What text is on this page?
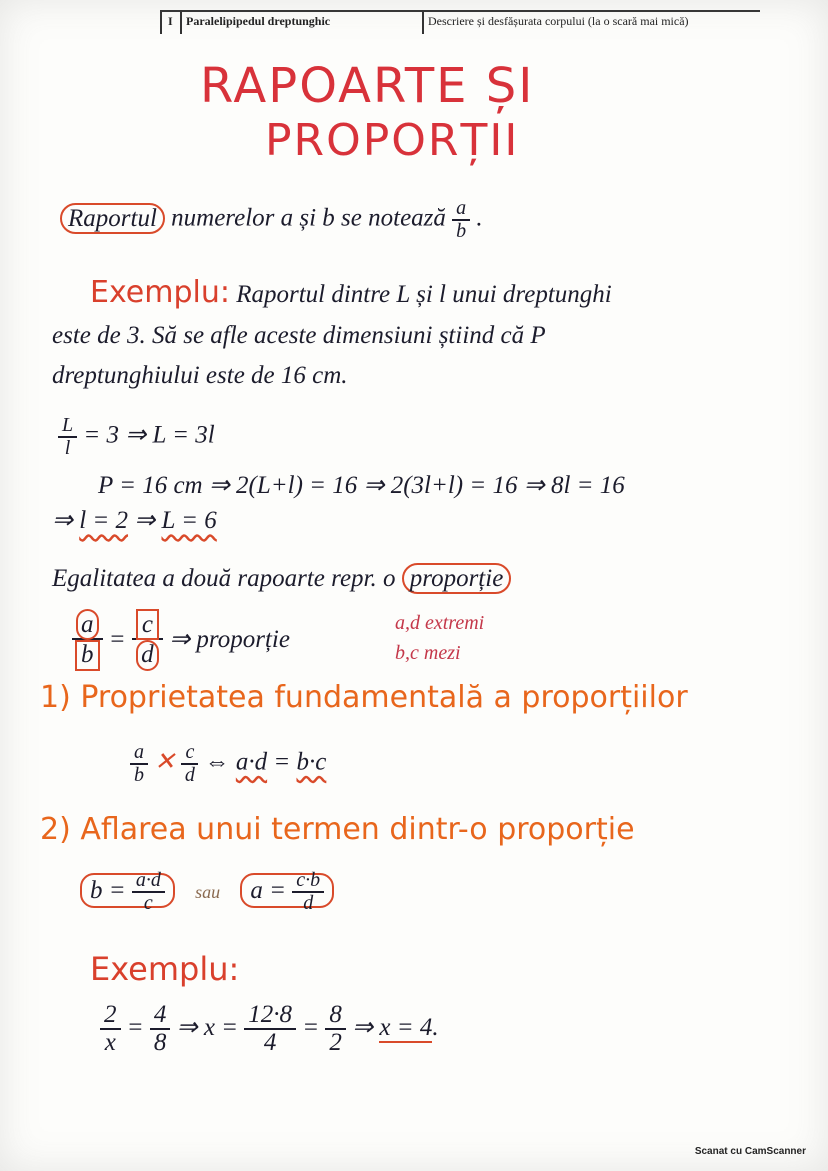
I Paralelipipedul dreptunghic	Descriere și desfășurata corpului (la o scară mai mică)
RAPOARTE ȘI
PROPORȚII
Raportul numerelor a și b se notează $\frac{a}{b}$ .
Exemplu: Raportul dintre L și l unui dreptunghi
este de 3. Să se afle aceste dimensiuni știind că P
dreptunghiului este de 16 cm.
$\frac{L}{l} = 3$ ⇒ L = 3l
P = 16 cm ⇒ 2(L+l) = 16 ⇒ 2(3l+l) = 16 ⇒ 8l = 16
⇒ l = 2 ⇒ L = 6
Egalitatea a două rapoarte repr. o proporție
$\frac{a}{b} = \frac{c}{d}$ ⇒ proporție
a,d extremi
b,c mezi
1) Proprietatea fundamentală a proporțiilor
$\frac{a}{b}$ ✕ $\frac{c}{d}$ ⇔ a·d = b·c
2) Aflarea unui termen dintr-o proporție
$b = \frac{a\cdot d}{c}$ sau $a = \frac{c\cdot b}{d}$
Exemplu:
$\frac{2}{x} = \frac{4}{8}$ ⇒ $x = \frac{12\cdot 8}{4} = \frac{8}{2}$ ⇒ x = 4.
Scanat cu CamScanner
